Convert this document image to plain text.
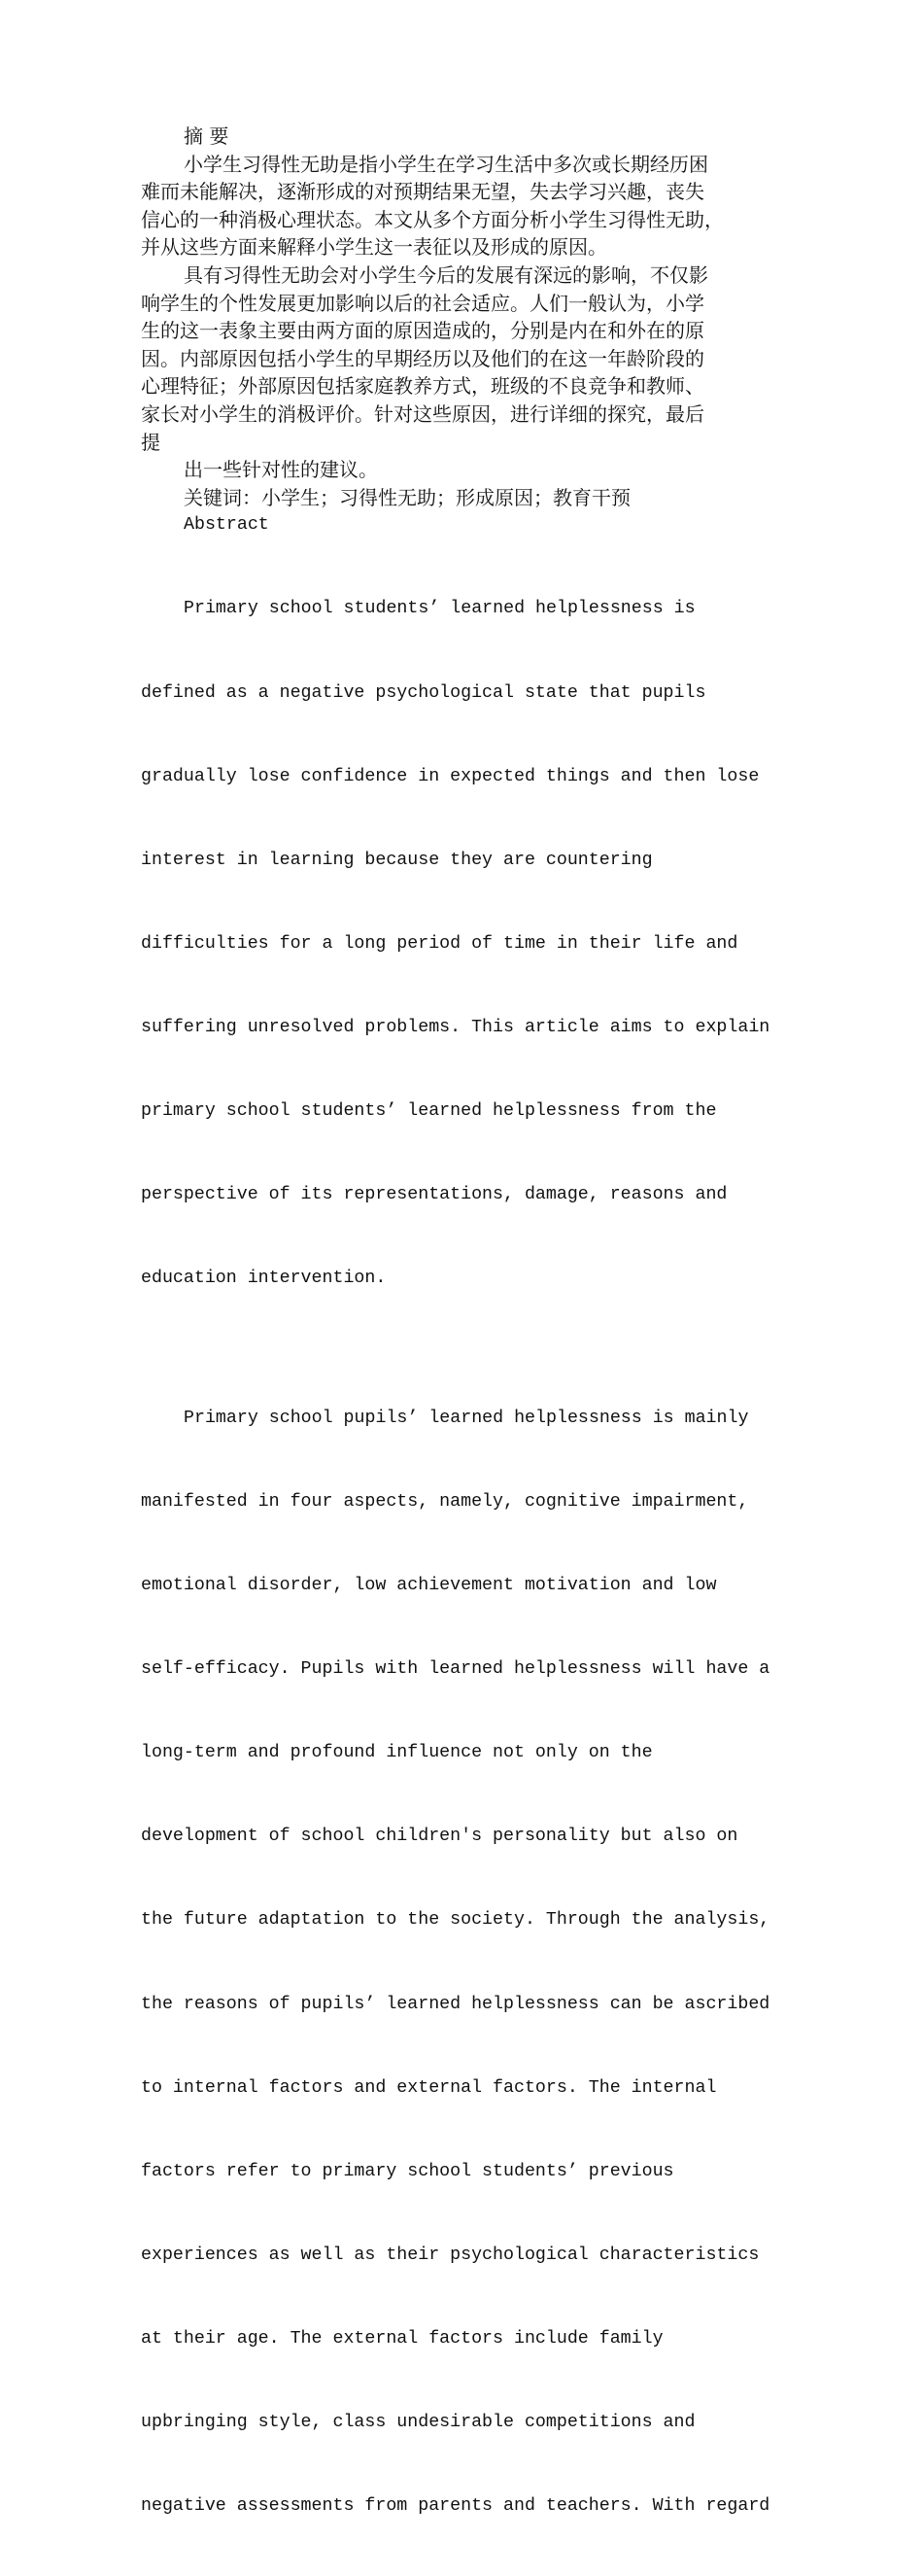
摘 要
小学生习得性无助是指小学生在学习生活中多次或长期经历困
难而未能解决，逐渐形成的对预期结果无望，失去学习兴趣，丧失
信心的一种消极心理状态。本文从多个方面分析小学生习得性无助，
并从这些方面来解释小学生这一表征以及形成的原因。
具有习得性无助会对小学生今后的发展有深远的影响，不仅影
响学生的个性发展更加影响以后的社会适应。人们一般认为，小学
生的这一表象主要由两方面的原因造成的，分别是内在和外在的原
因。内部原因包括小学生的早期经历以及他们的在这一年龄阶段的
心理特征；外部原因包括家庭教养方式，班级的不良竞争和教师、
家长对小学生的消极评价。针对这些原因，进行详细的探究，最后
提
出一些针对性的建议。
关键词：小学生；习得性无助；形成原因；教育干预
Abstract

Primary school students’ learned helplessness is

defined as a negative psychological state that pupils

gradually lose confidence in expected things and then lose

interest in learning because they are countering

difficulties for a long period of time in their life and

suffering unresolved problems. This article aims to explain

primary school students’ learned helplessness from the

perspective of its representations, damage, reasons and

education intervention.

Primary school pupils’ learned helplessness is mainly

manifested in four aspects, namely, cognitive impairment,

emotional disorder, low achievement motivation and low

self-efficacy. Pupils with learned helplessness will have a

long-term and profound influence not only on the

development of school children's personality but also on

the future adaptation to the society. Through the analysis,

the reasons of pupils’ learned helplessness can be ascribed

to internal factors and external factors. The internal

factors refer to primary school students’ previous

experiences as well as their psychological characteristics

at their age. The external factors include family

upbringing style, class undesirable competitions and

negative assessments from parents and teachers. With regard
